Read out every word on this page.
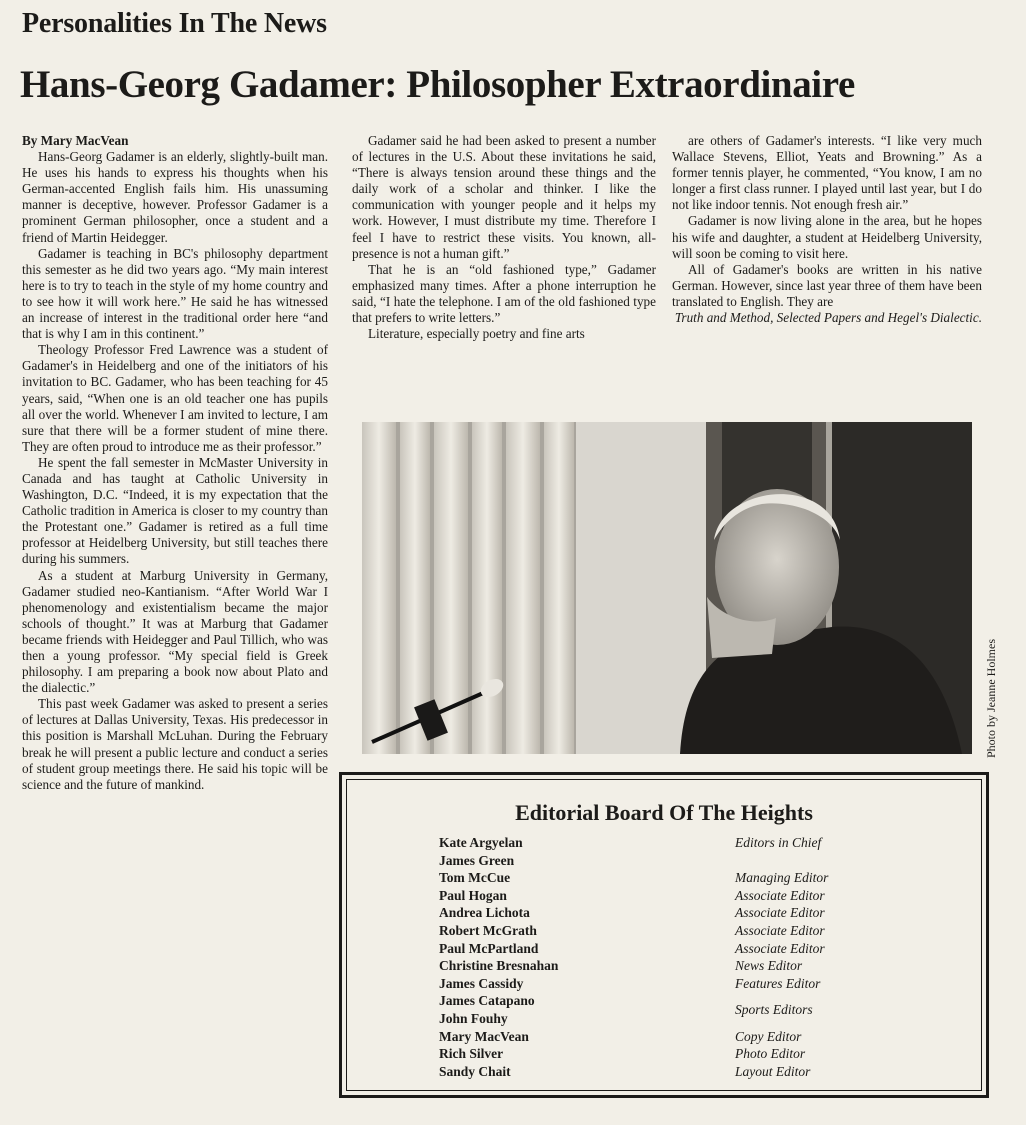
Personalities In The News
Hans-Georg Gadamer: Philosopher Extraordinaire

By Mary MacVean

Hans-Georg Gadamer is an elderly, slightly-built man. He uses his hands to express his thoughts when his German-accented English fails him. His unassuming manner is deceptive, however. Professor Gadamer is a prominent German philosopher, once a student and a friend of Martin Heidegger.

Gadamer is teaching in BC's philosophy department this semester as he did two years ago. “My main interest here is to try to teach in the style of my home country and to see how it will work here.” He said he has witnessed an increase of interest in the traditional order here “and that is why I am in this continent.”

Theology Professor Fred Lawrence was a student of Gadamer's in Heidelberg and one of the initiators of his invitation to BC. Gadamer, who has been teaching for 45 years, said, “When one is an old teacher one has pupils all over the world. Whenever I am invited to lecture, I am sure that there will be a former student of mine there. They are often proud to introduce me as their professor.”

He spent the fall semester in McMaster University in Canada and has taught at Catholic University in Washington, D.C. “Indeed, it is my expectation that the Catholic tradition in America is closer to my country than the Protestant one.” Gadamer is retired as a full time professor at Heidelberg University, but still teaches there during his summers.

As a student at Marburg University in Germany, Gadamer studied neo-Kantianism. “After World War I phenomenology and existentialism became the major schools of thought.” It was at Marburg that Gadamer became friends with Heidegger and Paul Tillich, who was then a young professor. “My special field is Greek philosophy. I am preparing a book now about Plato and the dialectic.”

This past week Gadamer was asked to present a series of lectures at Dallas University, Texas. His predecessor in this position is Marshall McLuhan. During the February break he will present a public lecture and conduct a series of student group meetings there. He said his topic will be science and the future of mankind.

Gadamer said he had been asked to present a number of lectures in the U.S. About these invitations he said, “There is always tension around these things and the daily work of a scholar and thinker. I like the communication with younger people and it helps my work. However, I must distribute my time. Therefore I feel I have to restrict these visits. You known, all-presence is not a human gift.”

That he is an “old fashioned type,” Gadamer emphasized many times. After a phone interruption he said, “I hate the telephone. I am of the old fashioned type that prefers to write letters.”

Literature, especially poetry and fine arts

are others of Gadamer's interests. “I like very much Wallace Stevens, Elliot, Yeats and Browning.” As a former tennis player, he commented, “You know, I am no longer a first class runner. I played until last year, but I do not like indoor tennis. Not enough fresh air.”

Gadamer is now living alone in the area, but he hopes his wife and daughter, a student at Heidelberg University, will soon be coming to visit here.

All of Gadamer's books are written in his native German. However, since last year three of them have been translated to English. They are

Truth and Method, Selected Papers and Hegel's Dialectic.

Photo by Jeanne Holmes
Editorial Board Of The Heights
Kate Argyelan
James Green
Tom McCue
Paul Hogan
Andrea Lichota
Robert McGrath
Paul McPartland
Christine Bresnahan
James Cassidy
James Catapano
John Fouhy
Mary MacVean
Rich Silver
Sandy Chait
Editors in Chief
Managing Editor
Associate Editor
Associate Editor
Associate Editor
Associate Editor
News Editor
Features Editor
Sports Editors
Copy Editor
Photo Editor
Layout Editor
